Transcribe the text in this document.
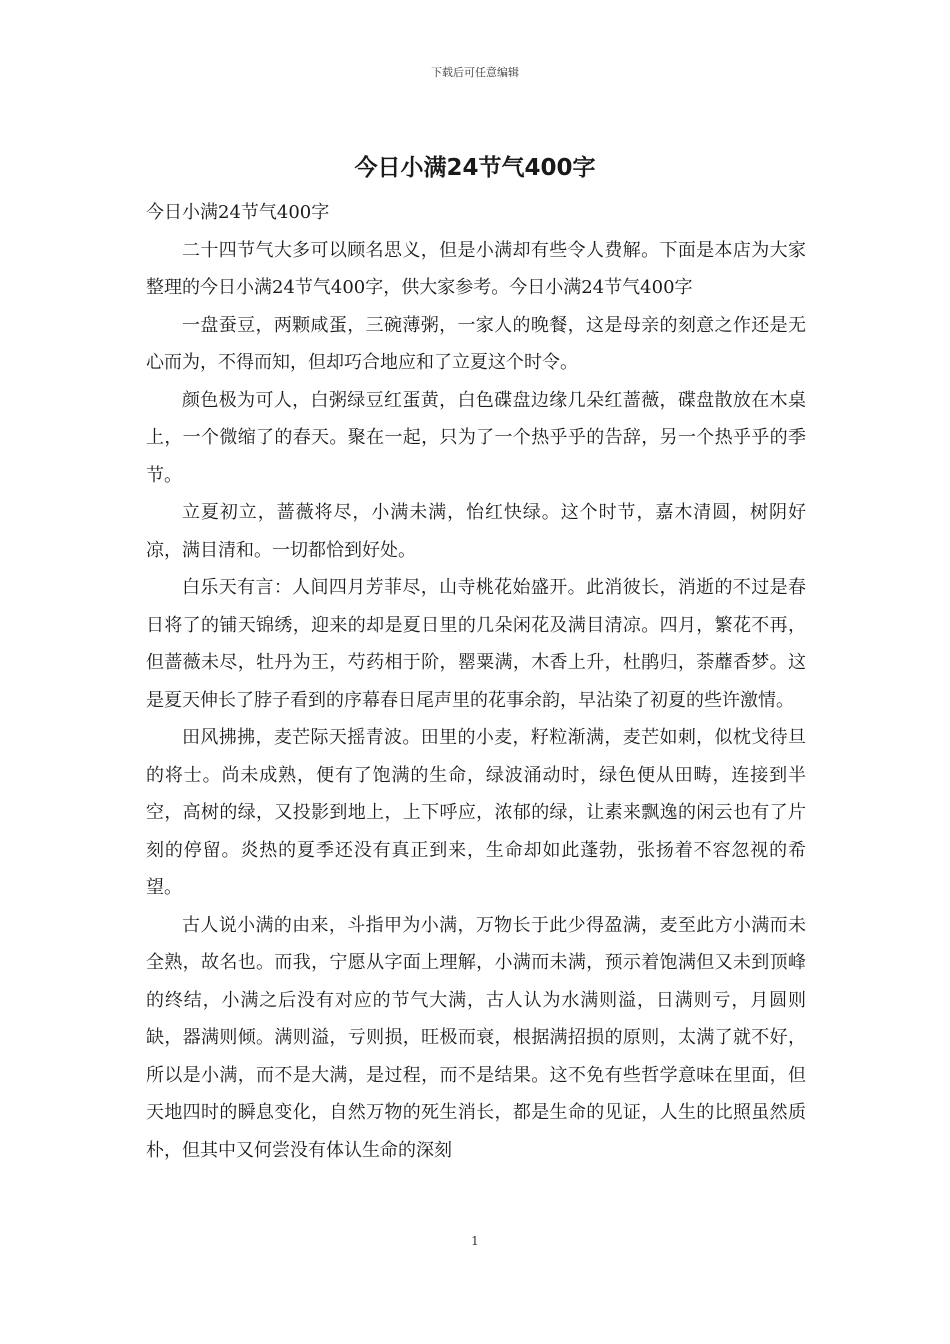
下载后可任意编辑
今日小满24节气400字

今日小满24节气400字

二十四节气大多可以顾名思义，但是小满却有些令人费解。下面是本店为大家整理的今日小满24节气400字，供大家参考。今日小满24节气400字

一盘蚕豆，两颗咸蛋，三碗薄粥，一家人的晚餐，这是母亲的刻意之作还是无心而为，不得而知，但却巧合地应和了立夏这个时令。

颜色极为可人，白粥绿豆红蛋黄，白色碟盘边缘几朵红蔷薇，碟盘散放在木桌上，一个微缩了的春天。聚在一起，只为了一个热乎乎的告辞，另一个热乎乎的季节。

立夏初立，蔷薇将尽，小满未满，怡红快绿。这个时节，嘉木清圆，树阴好凉，满目清和。一切都恰到好处。

白乐天有言：人间四月芳菲尽，山寺桃花始盛开。此消彼长，消逝的不过是春日将了的铺天锦绣，迎来的却是夏日里的几朵闲花及满目清凉。四月，繁花不再，但蔷薇未尽，牡丹为王，芍药相于阶，罂粟满，木香上升，杜鹃归，荼蘼香梦。这是夏天伸长了脖子看到的序幕春日尾声里的花事余韵，早沾染了初夏的些许激情。

田风拂拂，麦芒际天摇青波。田里的小麦，籽粒渐满，麦芒如刺，似枕戈待旦的将士。尚未成熟，便有了饱满的生命，绿波涌动时，绿色便从田畴，连接到半空，高树的绿，又投影到地上，上下呼应，浓郁的绿，让素来飘逸的闲云也有了片刻的停留。炎热的夏季还没有真正到来，生命却如此蓬勃，张扬着不容忽视的希望。

古人说小满的由来，斗指甲为小满，万物长于此少得盈满，麦至此方小满而未全熟，故名也。而我，宁愿从字面上理解，小满而未满，预示着饱满但又未到顶峰的终结，小满之后没有对应的节气大满，古人认为水满则溢，日满则亏，月圆则缺，器满则倾。满则溢，亏则损，旺极而衰，根据满招损的原则，太满了就不好，所以是小满，而不是大满，是过程，而不是结果。这不免有些哲学意味在里面，但天地四时的瞬息变化，自然万物的死生消长，都是生命的见证，人生的比照虽然质朴，但其中又何尝没有体认生命的深刻

1
